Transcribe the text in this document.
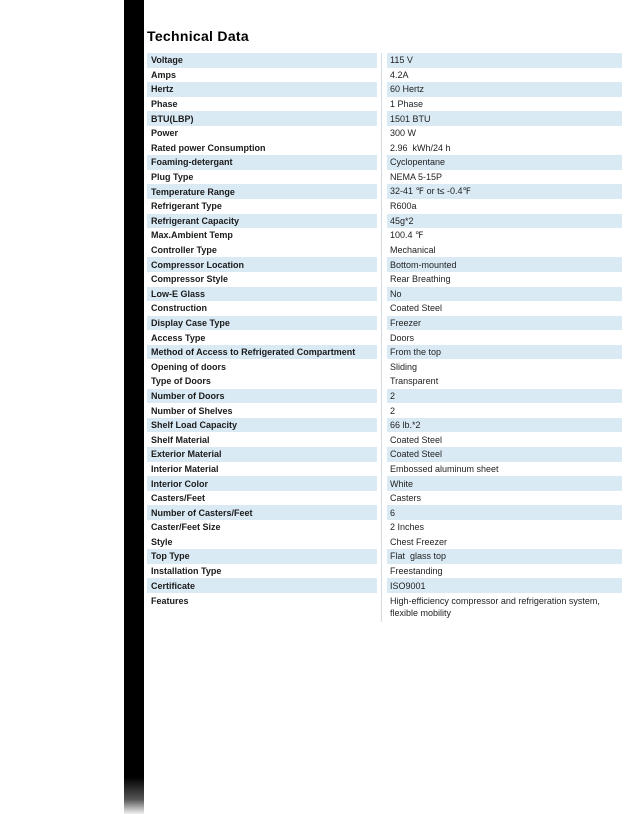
SUILING REFREFRIGERATION
Technical Data
Voltage	115 V
Amps	4.2A
Hertz	60 Hertz
Phase	1 Phase
BTU(LBP)	1501 BTU
Power	300 W
Rated power Consumption	2.96  kWh/24 h
Foaming-detergant	Cyclopentane
Plug Type	NEMA 5-15P
Temperature Range	32-41 ℉ or t≤ -0.4℉
Refrigerant Type	R600a
Refrigerant Capacity	45g*2
Max.Ambient Temp	100.4 ℉
Controller Type	Mechanical
Compressor Location	Bottom-mounted
Compressor Style	Rear Breathing
Low-E Glass	No
Construction	Coated Steel
Display Case Type	Freezer
Access Type	Doors
Method of Access to Refrigerated Compartment	From the top
Opening of doors	Sliding
Type of Doors	Transparent
Number of Doors	2
Number of Shelves	2
Shelf Load Capacity	66 lb.*2
Shelf Material	Coated Steel
Exterior Material	Coated Steel
Interior Material	Embossed aluminum sheet
Interior Color	White
Casters/Feet	Casters
Number of Casters/Feet	6
Caster/Feet Size	2 Inches
Style	Chest Freezer
Top Type	Flat  glass top
Installation Type	Freestanding
Certificate	ISO9001
Features	High-efficiency compressor and refrigeration system, flexible mobility
